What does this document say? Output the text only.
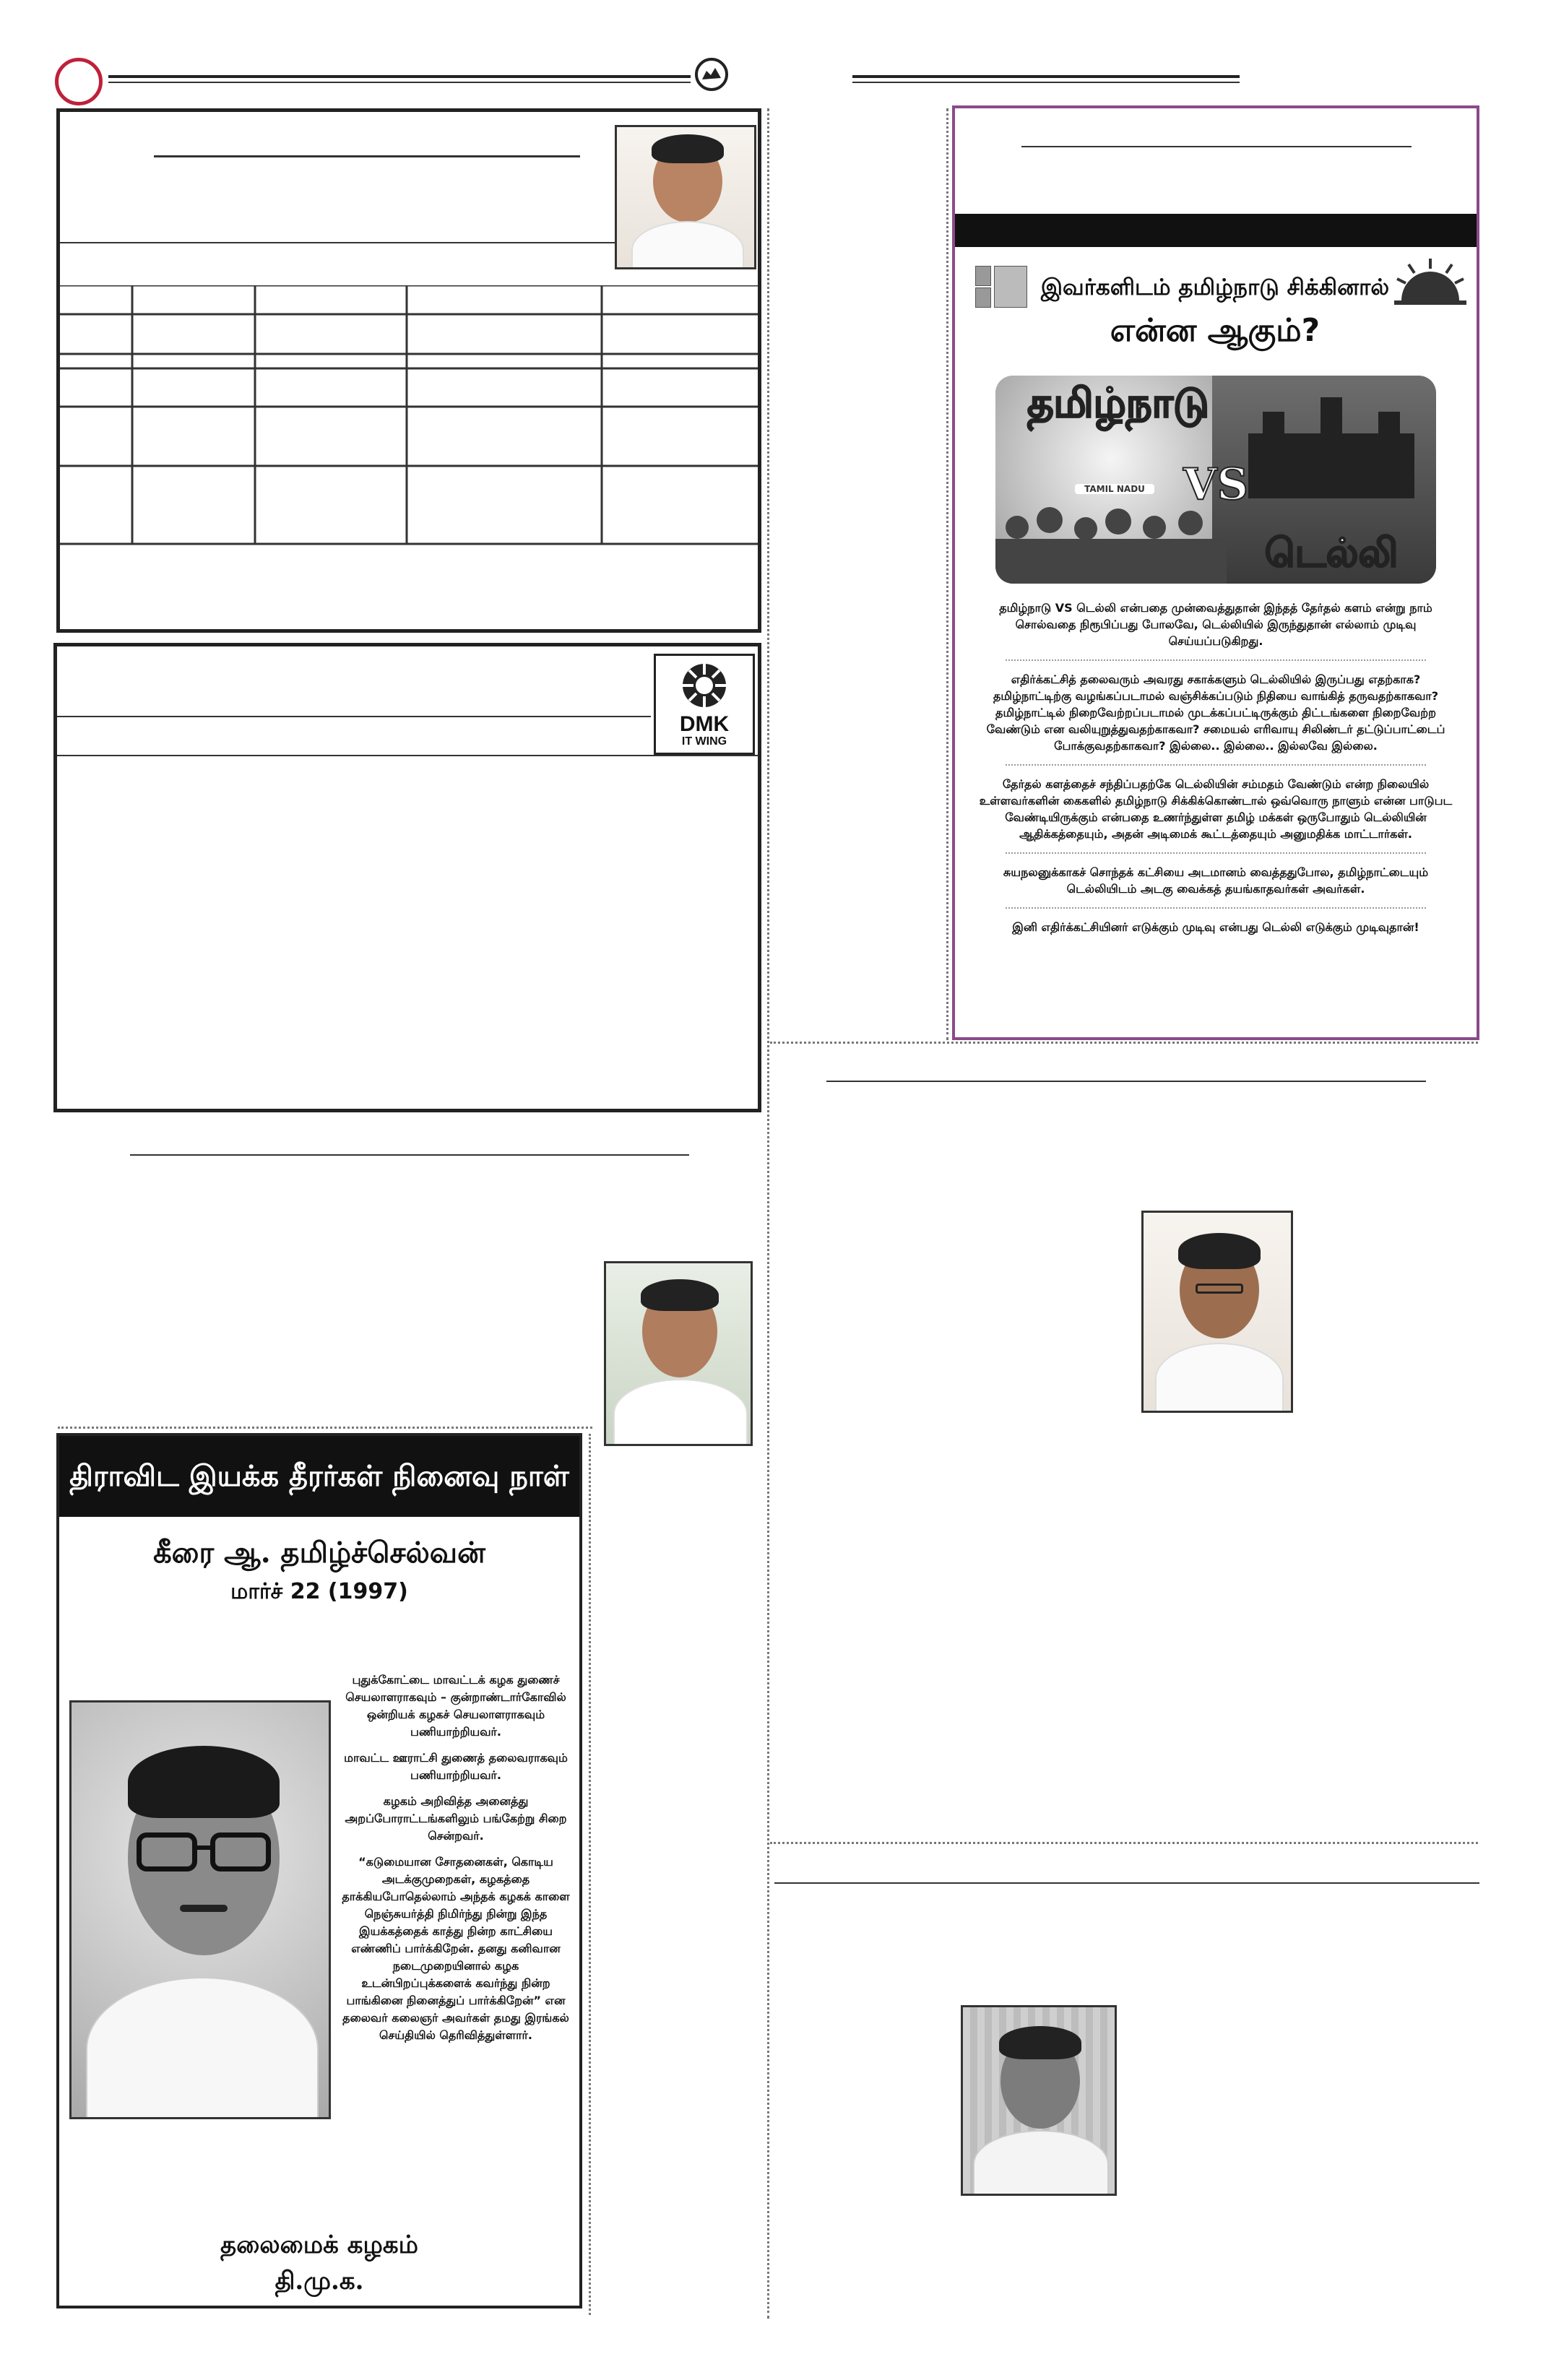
DMK
IT WING
இவர்களிடம் தமிழ்நாடு சிக்கினால்
என்ன ஆகும்?
TAMIL NADU
தமிழ்நாடு
VS
டெல்லி
தமிழ்நாடு VS டெல்லி என்பதை முன்வைத்துதான் இந்தத் தேர்தல் களம் என்று நாம் சொல்வதை நிரூபிப்பது போலவே, டெல்லியில் இருந்துதான் எல்லாம் முடிவு செய்யப்படுகிறது.
எதிர்க்கட்சித் தலைவரும் அவரது சகாக்களும் டெல்லியில் இருப்பது எதற்காக? தமிழ்நாட்டிற்கு வழங்கப்படாமல் வஞ்சிக்கப்படும் நிதியை வாங்கித் தருவதற்காகவா? தமிழ்நாட்டில் நிறைவேற்றப்படாமல் முடக்கப்பட்டிருக்கும் திட்டங்களை நிறைவேற்ற வேண்டும் என வலியுறுத்துவதற்காகவா? சமையல் எரிவாயு சிலிண்டர் தட்டுப்பாட்டைப் போக்குவதற்காகவா? இல்லை.. இல்லை.. இல்லவே இல்லை.
தேர்தல் களத்தைச் சந்திப்பதற்கே டெல்லியின் சம்மதம் வேண்டும் என்ற நிலையில் உள்ளவர்களின் கைகளில் தமிழ்நாடு சிக்கிக்கொண்டால் ஒவ்வொரு நாளும் என்ன பாடுபட வேண்டியிருக்கும் என்பதை உணர்ந்துள்ள தமிழ் மக்கள் ஒருபோதும் டெல்லியின் ஆதிக்கத்தையும், அதன் அடிமைக் கூட்டத்தையும் அனுமதிக்க மாட்டார்கள்.
சுயநலனுக்காகச் சொந்தக் கட்சியை அடமானம் வைத்ததுபோல, தமிழ்நாட்டையும் டெல்லியிடம் அடகு வைக்கத் தயங்காதவர்கள் அவர்கள்.
இனி எதிர்க்கட்சியினர் எடுக்கும் முடிவு என்பது டெல்லி எடுக்கும் முடிவுதான்!
திராவிட இயக்க தீரர்கள் நினைவு நாள்
கீரை ஆ. தமிழ்ச்செல்வன்
மார்ச் 22 (1997)

புதுக்கோட்டை மாவட்டக் கழக துணைச் செயலாளராகவும் – குன்றாண்டார்கோவில் ஒன்றியக் கழகச் செயலாளராகவும் பணியாற்றியவர்.

மாவட்ட ஊராட்சி துணைத் தலைவராகவும் பணியாற்றியவர்.

கழகம் அறிவித்த அனைத்து அறப்போராட்டங்களிலும் பங்கேற்று சிறை சென்றவர்.

“கடுமையான சோதனைகள், கொடிய அடக்குமுறைகள், கழகத்தை தாக்கியபோதெல்லாம் அந்தக் கழகக் காளை நெஞ்சுயர்த்தி நிமிர்ந்து நின்று இந்த இயக்கத்தைக் காத்து நின்ற காட்சியை எண்ணிப் பார்க்கிறேன். தனது கனிவான நடைமுறையினால் கழக உடன்பிறப்புக்களைக் கவர்ந்து நின்ற பாங்கினை நினைத்துப் பார்க்கிறேன்” என தலைவர் கலைஞர் அவர்கள் தமது இரங்கல் செய்தியில் தெரிவித்துள்ளார்.

தலைமைக் கழகம்
தி.மு.க.
